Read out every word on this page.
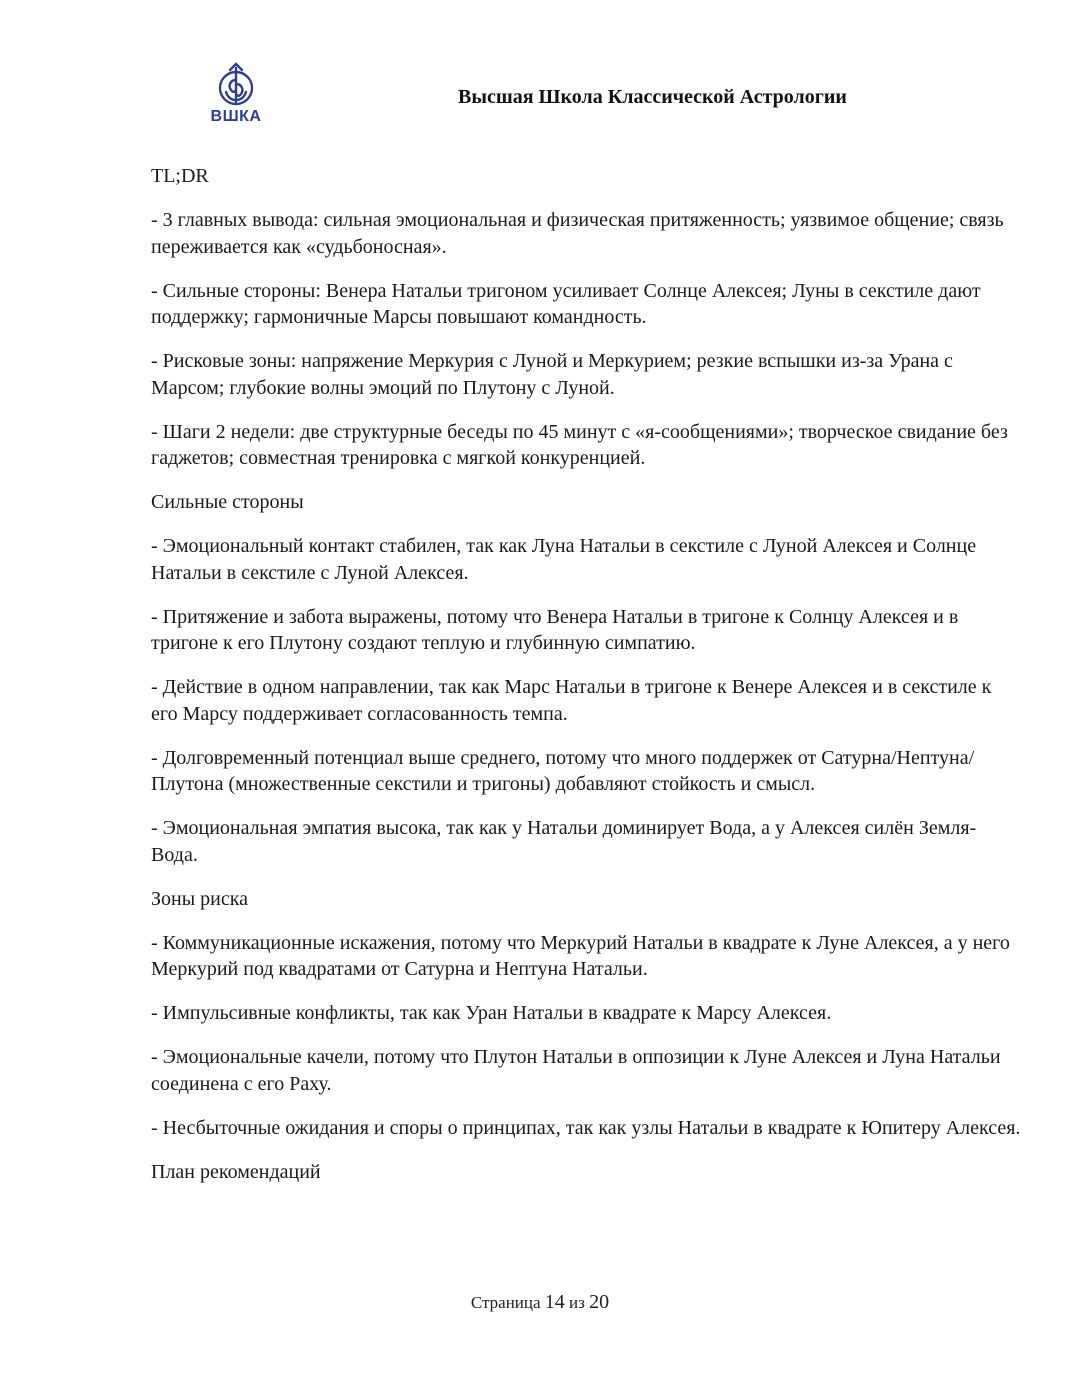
ВШКА
Высшая Школа Классической Астрологии

TL;DR

- 3 главных вывода: сильная эмоциональная и физическая притяженность; уязвимое общение; связь переживается как «судьбоносная».

- Сильные стороны: Венера Натальи тригоном усиливает Солнце Алексея; Луны в секстиле дают поддержку; гармоничные Марсы повышают командность.

- Рисковые зоны: напряжение Меркурия с Луной и Меркурием; резкие вспышки из-за Урана с Марсом; глубокие волны эмоций по Плутону с Луной.

- Шаги 2 недели: две структурные беседы по 45 минут с «я-сообщениями»; творческое свидание без гаджетов; совместная тренировка с мягкой конкуренцией.

Сильные стороны

- Эмоциональный контакт стабилен, так как Луна Натальи в секстиле с Луной Алексея и Солнце Натальи в секстиле с Луной Алексея.

- Притяжение и забота выражены, потому что Венера Натальи в тригоне к Солнцу Алексея и в тригоне к его Плутону создают теплую и глубинную симпатию.

- Действие в одном направлении, так как Марс Натальи в тригоне к Венере Алексея и в секстиле к его Марсу поддерживает согласованность темпа.

- Долговременный потенциал выше среднего, потому что много поддержек от Сатурна/Нептуна/Плутона (множественные секстили и тригоны) добавляют стойкость и смысл.

- Эмоциональная эмпатия высока, так как у Натальи доминирует Вода, а у Алексея силён Земля-Вода.

Зоны риска

- Коммуникационные искажения, потому что Меркурий Натальи в квадрате к Луне Алексея, а у него Меркурий под квадратами от Сатурна и Нептуна Натальи.

- Импульсивные конфликты, так как Уран Натальи в квадрате к Марсу Алексея.

- Эмоциональные качели, потому что Плутон Натальи в оппозиции к Луне Алексея и Луна Натальи соединена с его Раху.

- Несбыточные ожидания и споры о принципах, так как узлы Натальи в квадрате к Юпитеру Алексея.

План рекомендаций

Страница 14 из 20
